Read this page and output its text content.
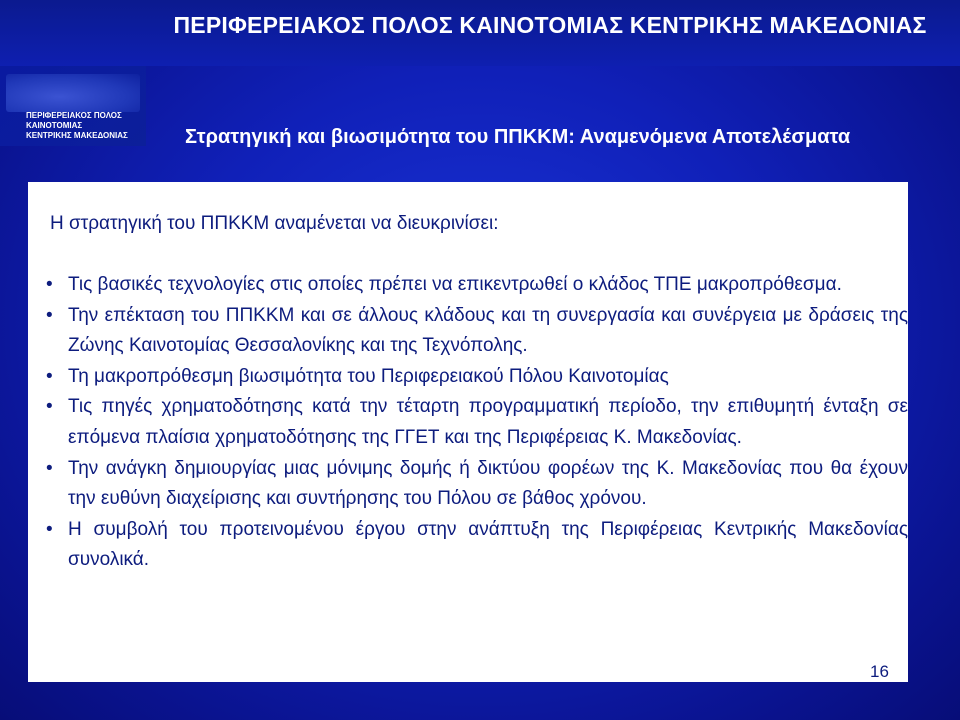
ΠΕΡΙΦΕΡΕΙΑΚΟΣ ΠΟΛΟΣ ΚΑΙΝΟΤΟΜΙΑΣ ΚΕΝΤΡΙΚΗΣ ΜΑΚΕΔΟΝΙΑΣ
ΠΕΡΙΦΕΡΕΙΑΚΟΣ ΠΟΛΟΣ
ΚΑΙΝΟΤΟΜΙΑΣ
ΚΕΝΤΡΙΚΗΣ ΜΑΚΕΔΟΝΙΑΣ	Στρατηγική και βιωσιμότητα του ΠΠΚΚΜ: Αναμενόμενα Αποτελέσματα
Η στρατηγική του ΠΠΚΚΜ αναμένεται να διευκρινίσει:
• Τις βασικές τεχνολογίες στις οποίες πρέπει να επικεντρωθεί ο κλάδος ΤΠΕ μακροπρόθεσμα.
• Την επέκταση του ΠΠΚΚΜ και σε άλλους κλάδους και τη συνεργασία και συνέργεια με δράσεις της Ζώνης Καινοτομίας Θεσσαλονίκης και της Τεχνόπολης.
• Τη μακροπρόθεσμη βιωσιμότητα του Περιφερειακού Πόλου Καινοτομίας
• Τις πηγές χρηματοδότησης κατά την τέταρτη προγραμματική περίοδο, την επιθυμητή ένταξη σε επόμενα πλαίσια χρηματοδότησης της ΓΓΕΤ και της Περιφέρειας Κ. Μακεδονίας.
• Την ανάγκη δημιουργίας μιας μόνιμης δομής ή δικτύου φορέων της Κ. Μακεδονίας που θα έχουν την ευθύνη διαχείρισης και συντήρησης του Πόλου σε βάθος χρόνου.
• Η συμβολή του προτεινομένου έργου στην ανάπτυξη της Περιφέρειας Κεντρικής Μακεδονίας συνολικά.
16
